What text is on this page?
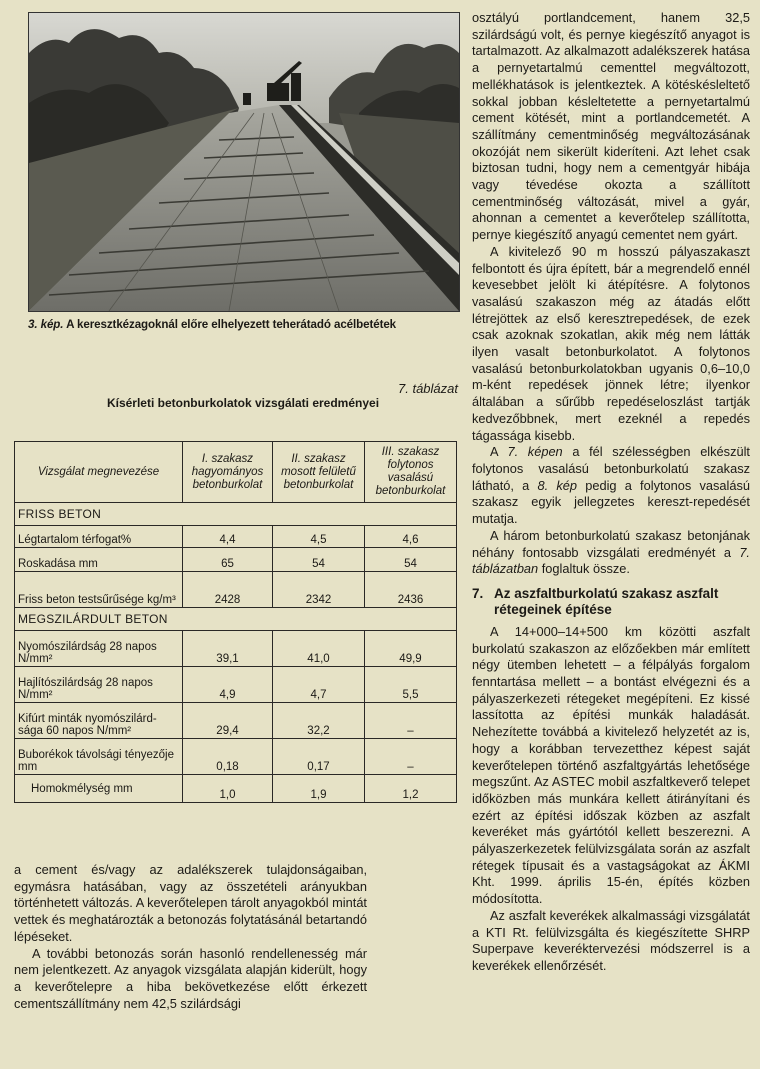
3. kép. A keresztkézagoknál előre elhelyezett teherátadó acélbetétek
7. táblázat
Kísérleti betonburkolatok vizsgálati eredményei
Vizsgálat megnevezése	I. szakasz hagyományos betonburkolat	II. szakasz mosott felületű betonburkolat	III. szakasz folytonos vasalású betonburkolat
FRISS BETON			
Légtartalom térfogat%	4,4	4,5	4,6
Roskadása mm	65	54	54
Friss beton testsűrűsége kg/m³	2428	2342	2436
MEGSZILÁRDULT BETON			
Nyomószilárdság 28 napos N/mm²	39,1	41,0	49,9
Hajlítószilárdság 28 napos N/mm²	4,9	4,7	5,5
Kifúrt minták nyomószilárd-sága 60 napos N/mm²	29,4	32,2	–
Buborékok távolsági tényezője mm	0,18	0,17	–
Homokmélység mm	1,0	1,9	1,2

a cement és/vagy az adalékszerek tulajdonságaiban, egymásra hatásában, vagy az összetételi arányukban történhetett változás. A keverőtelepen tárolt anyagokból mintát vettek és meghatározták a betonozás folytatásánál betartandó lépéseket.

A további betonozás során hasonló rendellenesség már nem jelentkezett. Az anyagok vizsgálata alapján kiderült, hogy a keverőtelepre a hiba bekövetkezése előtt érkezett cementszállítmány nem 42,5 szilárdsági

osztályú portlandcement, hanem 32,5 szilárdságú volt, és pernye kiegészítő anyagot is tartalmazott. Az alkalmazott adalékszerek hatása a pernyetartalmú cementtel megváltozott, mellékhatások is jelentkeztek. A kötéskésleltető sokkal jobban késleltetette a pernyetartalmú cement kötését, mint a portlandcemetét. A szállítmány cementminőség megváltozásának okozóját nem sikerült kideríteni. Azt lehet csak biztosan tudni, hogy nem a cementgyár hibája vagy tévedése okozta a szállított cementminőség változását, mivel a gyár, ahonnan a cementet a keverőtelep szállította, pernye kiegészítő anyagú cementet nem gyárt.

A kivitelező 90 m hosszú pályaszakaszt felbontott és újra épített, bár a megrendelő ennél kevesebbet jelölt ki átépítésre. A folytonos vasalású szakaszon még az átadás előtt létrejöttek az első keresztrepedések, de ezek csak azoknak szokatlan, akik még nem látták ilyen vasalt betonburkolatot. A folytonos vasalású betonburkolatokban ugyanis 0,6–10,0 m-ként repedések jönnek létre; ilyenkor általában a sűrűbb repedéseloszlást tartják kedvezőbbnek, mert ezeknél a repedés tágassága kisebb.

A 7. képen a fél szélességben elkészült folytonos vasalású betonburkolatú szakasz látható, a 8. kép pedig a folytonos vasalású szakasz egyik jellegzetes kereszt-repedését mutatja.

A három betonburkolatú szakasz betonjának néhány fontosabb vizsgálati eredményét a 7. táblázatban foglaltuk össze.

7. Az aszfaltburkolatú szakasz aszfalt
rétegeinek építése

A 14+000–14+500 km közötti aszfalt burkolatú szakaszon az előzőekben már említett négy ütemben lehetett – a félpályás forgalom fenntartása mellett – a bontást elvégezni és a pályaszerkezeti rétegeket megépíteni. Ez kissé lassította az építési munkák haladását. Nehezítette továbbá a kivitelező helyzetét az is, hogy a korábban tervezetthez képest saját keverőtelepen történő aszfaltgyártás lehetősége megszűnt. Az ASTEC mobil aszfaltkeverő telepet időközben más munkára kellett átirányítani és ezért az építési időszak közben az aszfalt keveréket más gyártótól kellett beszerezni. A pályaszerkezetek felülvizsgálata során az aszfalt rétegek típusait és a vastagságokat az ÁKMI Kht. 1999. április 15-én, építés közben módosította.

Az aszfalt keverékek alkalmassági vizsgálatát a KTI Rt. felülvizsgálta és kiegészítette SHRP Superpave keveréktervezési módszerrel is a keverékek ellenőrzését.
